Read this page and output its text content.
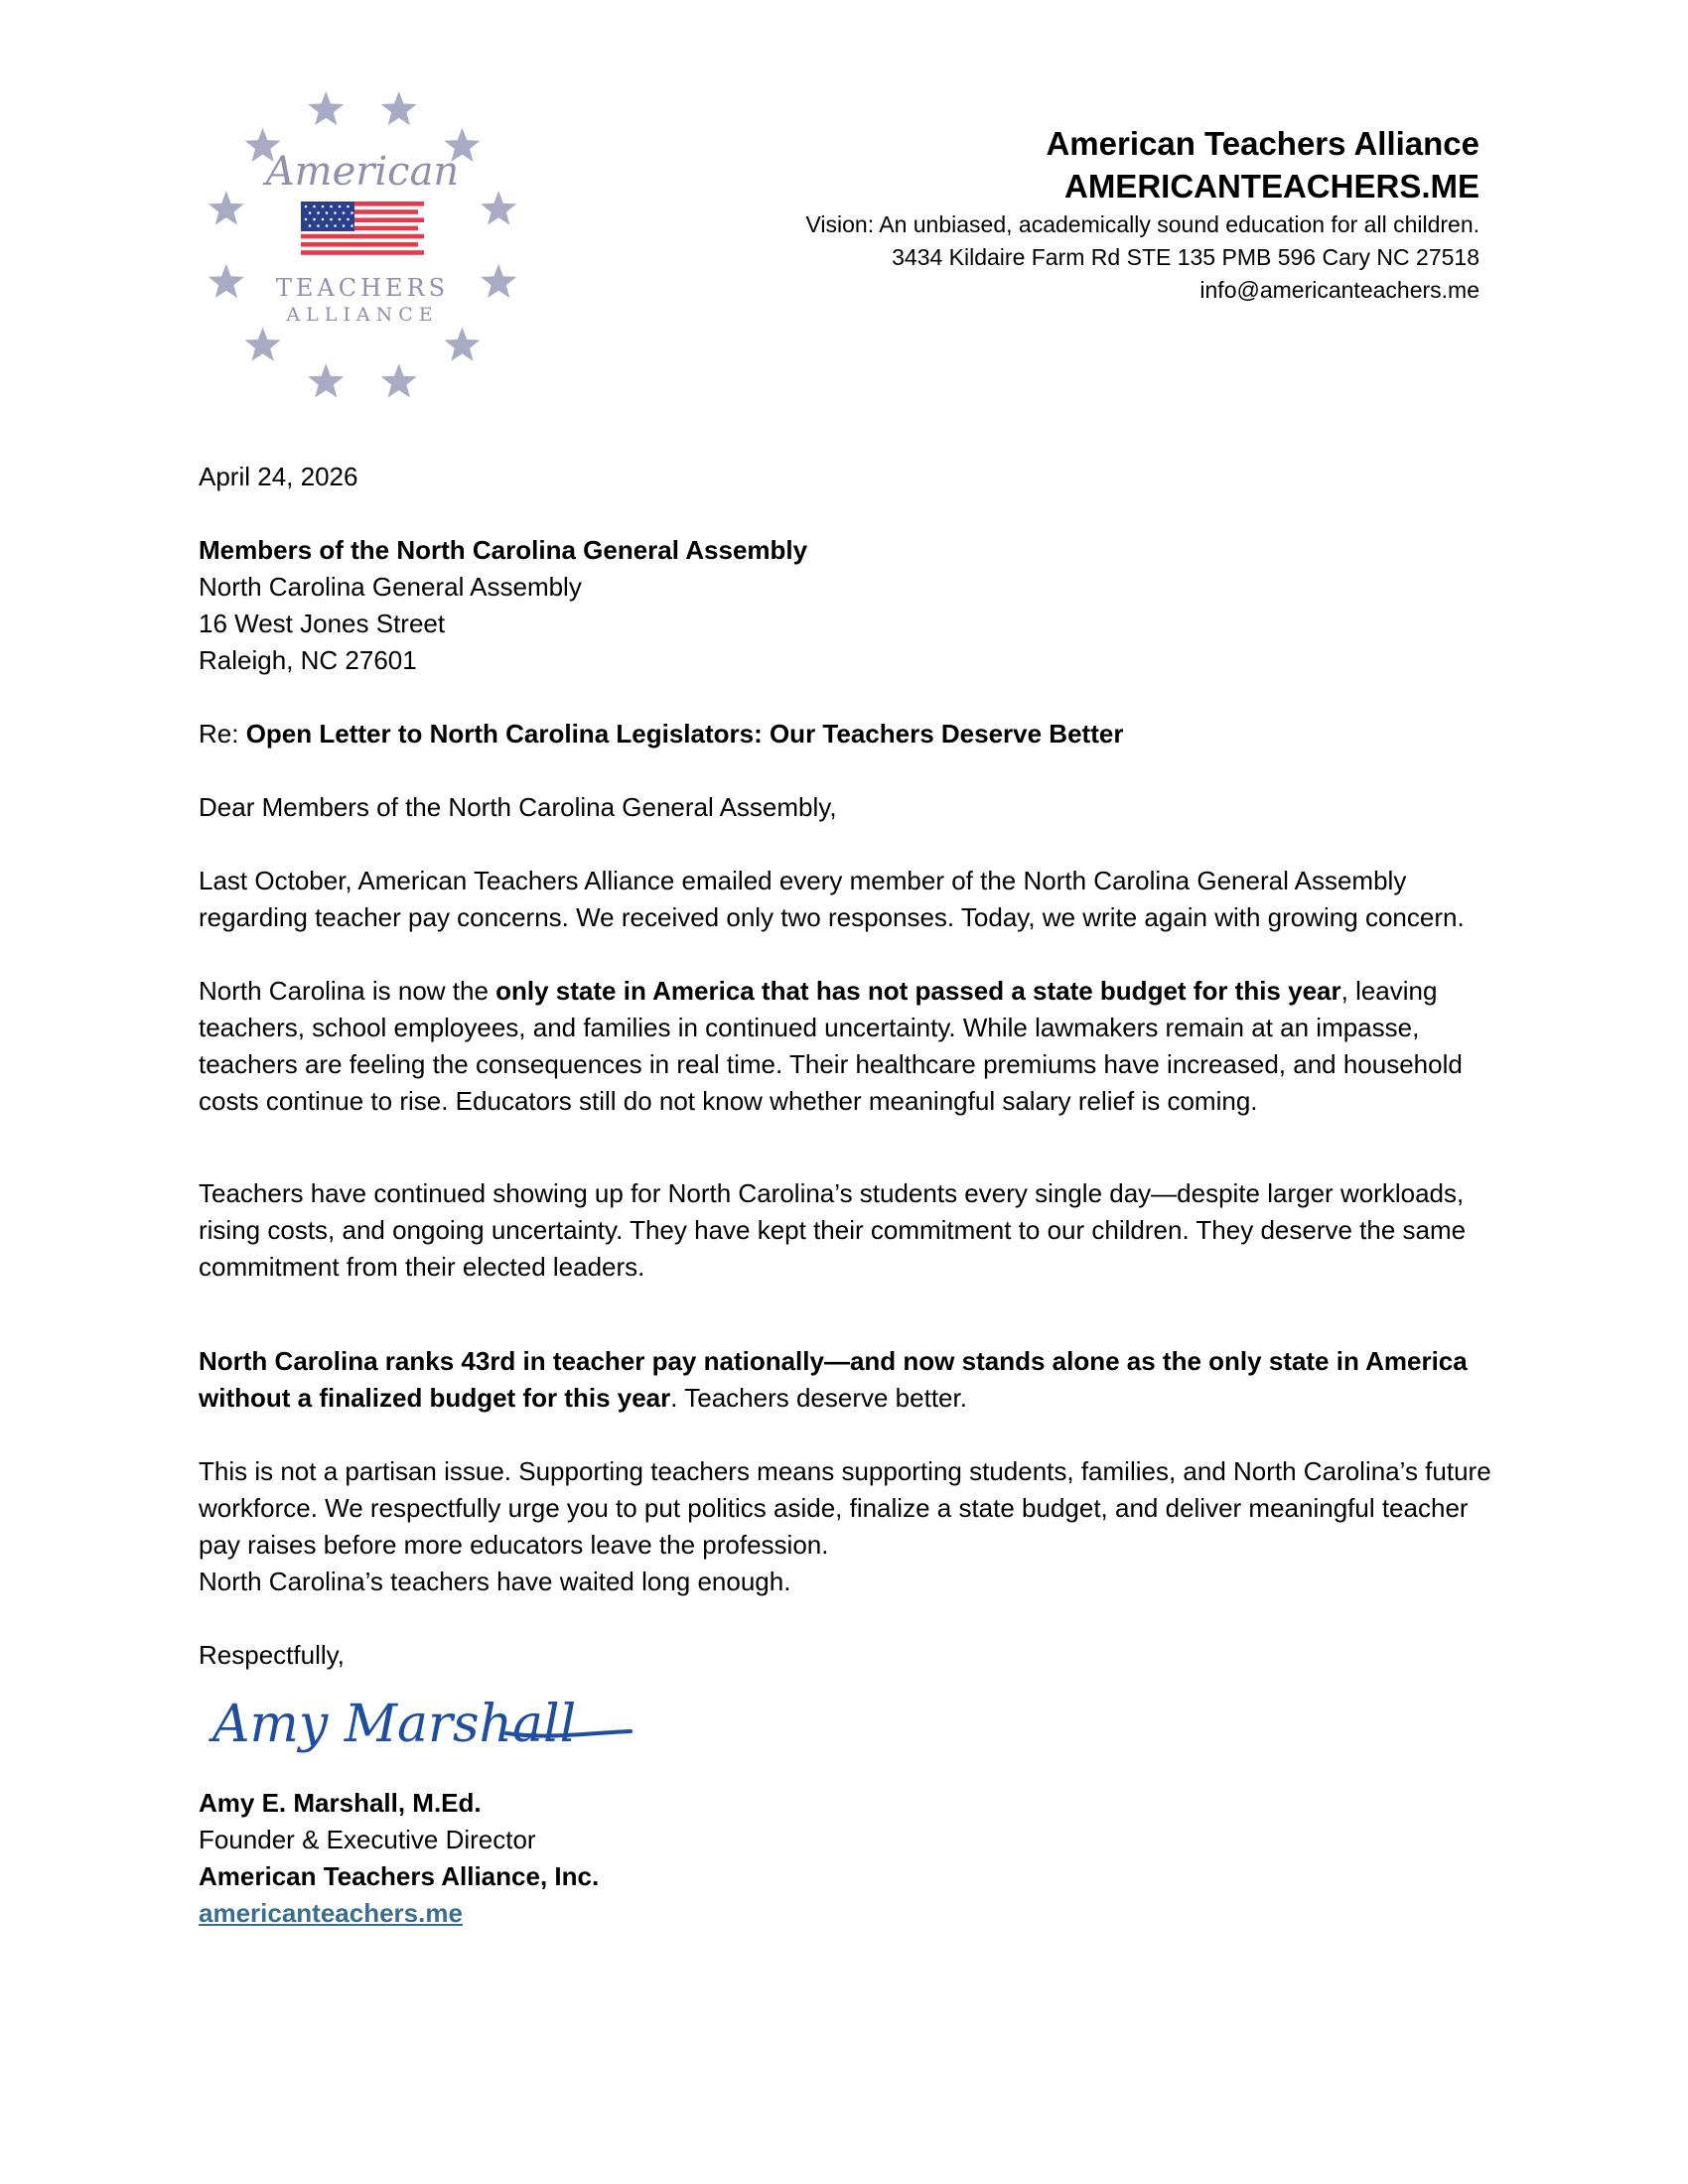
American
TEACHERS
ALLIANCE
American Teachers Alliance
AMERICANTEACHERS.ME
Vision: An unbiased, academically sound education for all children.
3434 Kildaire Farm Rd STE 135 PMB 596 Cary NC 27518
info@americanteachers.me

April 24, 2026

Members of the North Carolina General Assembly

North Carolina General Assembly

16 West Jones Street

Raleigh, NC 27601

Re: Open Letter to North Carolina Legislators: Our Teachers Deserve Better

Dear Members of the North Carolina General Assembly,

Last October, American Teachers Alliance emailed every member of the North Carolina General Assembly regarding teacher pay concerns. We received only two responses. Today, we write again with growing concern.

North Carolina is now the only state in America that has not passed a state budget for this year, leaving teachers, school employees, and families in continued uncertainty. While lawmakers remain at an impasse, teachers are feeling the consequences in real time. Their healthcare premiums have increased, and household costs continue to rise. Educators still do not know whether meaningful salary relief is coming.

Teachers have continued showing up for North Carolina’s students every single day—despite larger workloads, rising costs, and ongoing uncertainty. They have kept their commitment to our children. They deserve the same commitment from their elected leaders.

North Carolina ranks 43rd in teacher pay nationally—and now stands alone as the only state in America without a finalized budget for this year. Teachers deserve better.

This is not a partisan issue. Supporting teachers means supporting students, families, and North Carolina’s future workforce. We respectfully urge you to put politics aside, finalize a state budget, and deliver meaningful teacher pay raises before more educators leave the profession.
North Carolina’s teachers have waited long enough.

Respectfully,

Amy Marshall

Amy E. Marshall, M.Ed.

Founder & Executive Director

American Teachers Alliance, Inc.

americanteachers.me
